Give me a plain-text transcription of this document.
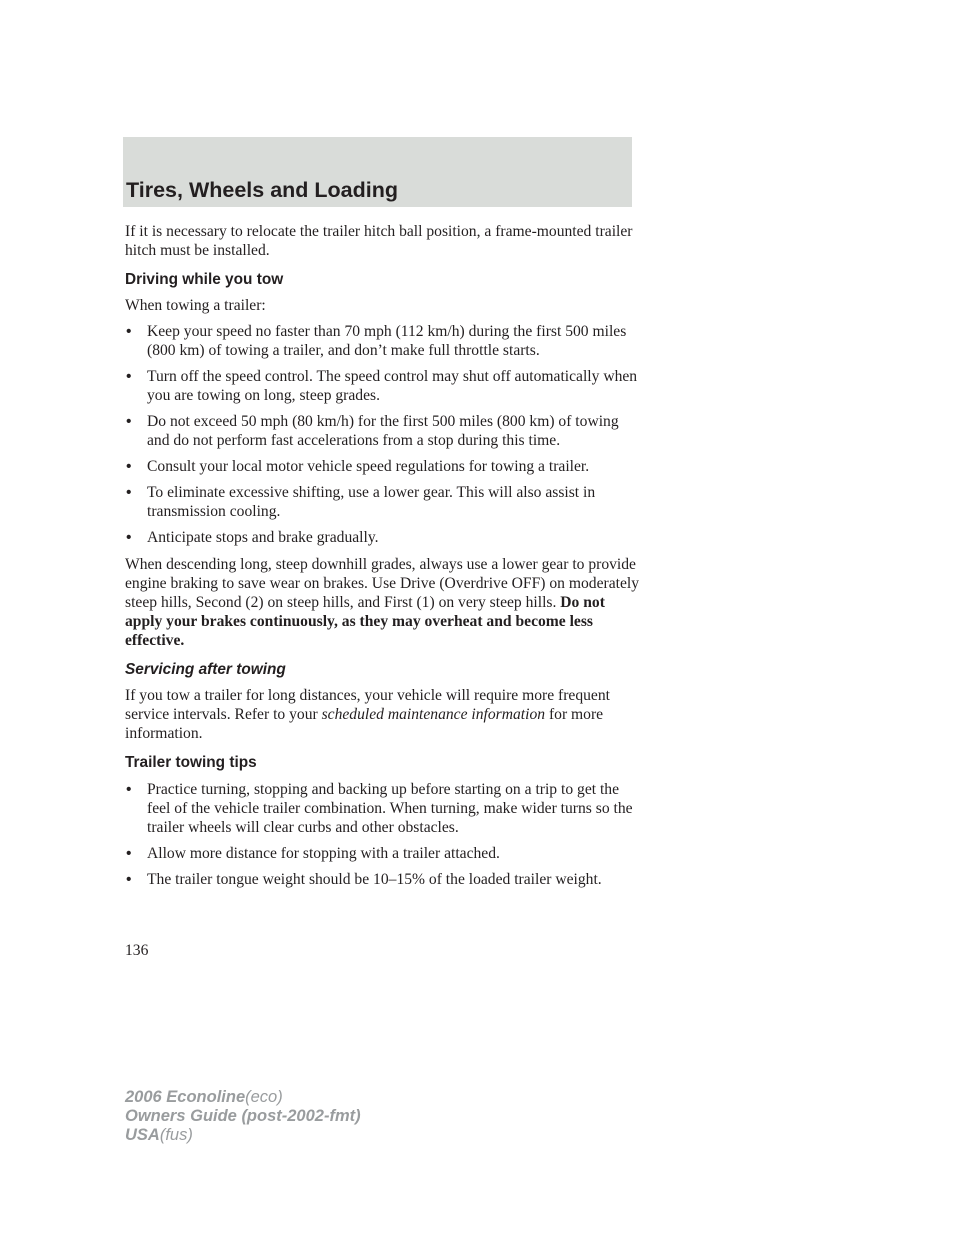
Tires, Wheels and Loading

If it is necessary to relocate the trailer hitch ball position, a frame-mounted trailer hitch must be installed.

Driving while you tow

When towing a trailer:

• Keep your speed no faster than 70 mph (112 km/h) during the first 500 miles (800 km) of towing a trailer, and don’t make full throttle starts.
• Turn off the speed control. The speed control may shut off automatically when you are towing on long, steep grades.
• Do not exceed 50 mph (80 km/h) for the first 500 miles (800 km) of towing and do not perform fast accelerations from a stop during this time.
• Consult your local motor vehicle speed regulations for towing a trailer.
• To eliminate excessive shifting, use a lower gear. This will also assist in transmission cooling.
• Anticipate stops and brake gradually.

When descending long, steep downhill grades, always use a lower gear to provide engine braking to save wear on brakes. Use Drive (Overdrive OFF) on moderately steep hills, Second (2) on steep hills, and First (1) on very steep hills. Do not apply your brakes continuously, as they may overheat and become less effective.

Servicing after towing

If you tow a trailer for long distances, your vehicle will require more frequent service intervals. Refer to your scheduled maintenance information for more information.

Trailer towing tips
• Practice turning, stopping and backing up before starting on a trip to get the feel of the vehicle trailer combination. When turning, make wider turns so the trailer wheels will clear curbs and other obstacles.
• Allow more distance for stopping with a trailer attached.
• The trailer tongue weight should be 10–15% of the loaded trailer weight.
136
2006 Econoline(eco)
Owners Guide (post-2002-fmt)
USA(fus)
